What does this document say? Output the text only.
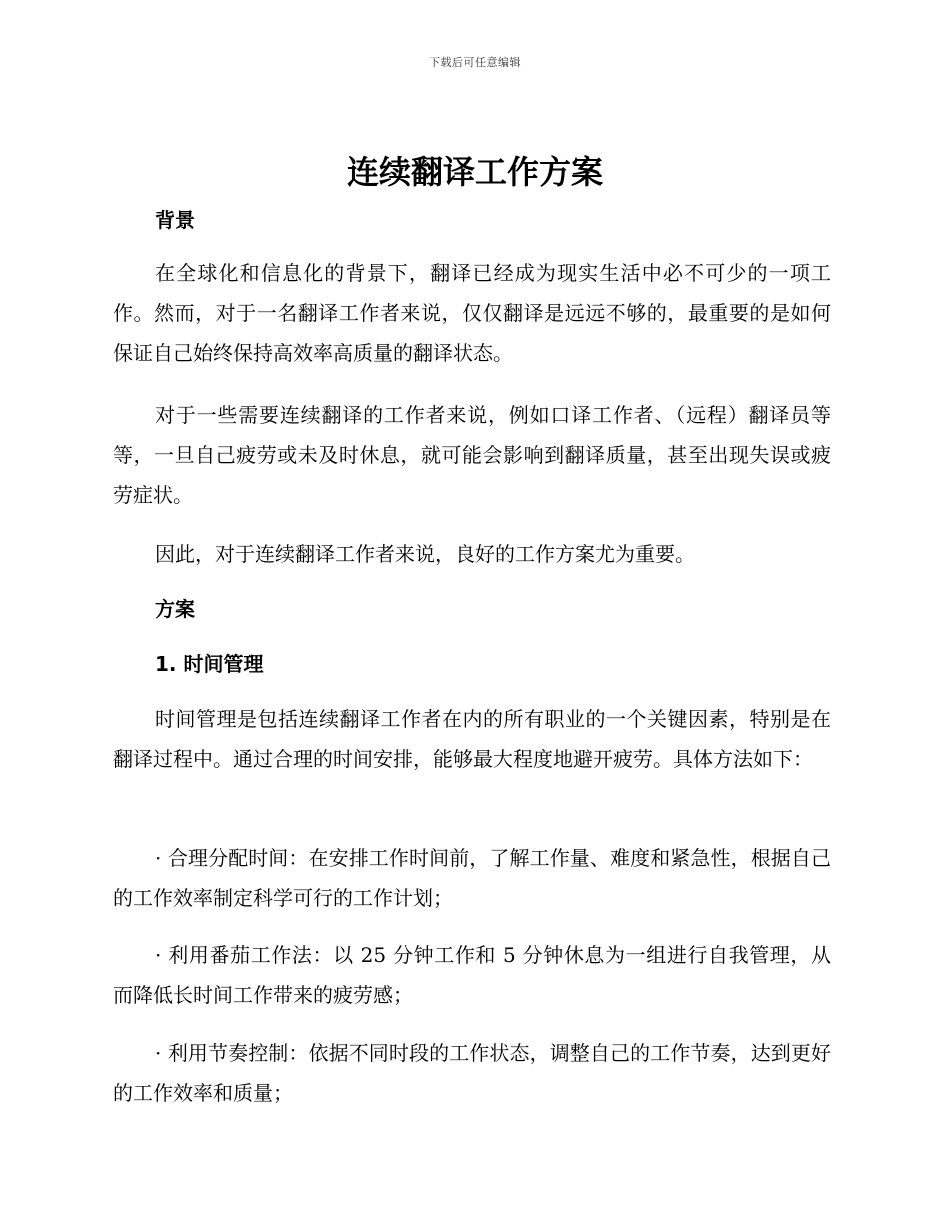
下载后可任意编辑
连续翻译工作方案
背景

在全球化和信息化的背景下，翻译已经成为现实生活中必不可少的一项工作。然而，对于一名翻译工作者来说，仅仅翻译是远远不够的，最重要的是如何保证自己始终保持高效率高质量的翻译状态。

对于一些需要连续翻译的工作者来说，例如口译工作者、（远程）翻译员等等，一旦自己疲劳或未及时休息，就可能会影响到翻译质量，甚至出现失误或疲劳症状。

因此，对于连续翻译工作者来说，良好的工作方案尤为重要。

方案
1. 时间管理

时间管理是包括连续翻译工作者在内的所有职业的一个关键因素，特别是在翻译过程中。通过合理的时间安排，能够最大程度地避开疲劳。具体方法如下：

· 合理分配时间：在安排工作时间前，了解工作量、难度和紧急性，根据自己的工作效率制定科学可行的工作计划；

· 利用番茄工作法：以 25 分钟工作和 5 分钟休息为一组进行自我管理，从而降低长时间工作带来的疲劳感；

· 利用节奏控制：依据不同时段的工作状态，调整自己的工作节奏，达到更好的工作效率和质量；
